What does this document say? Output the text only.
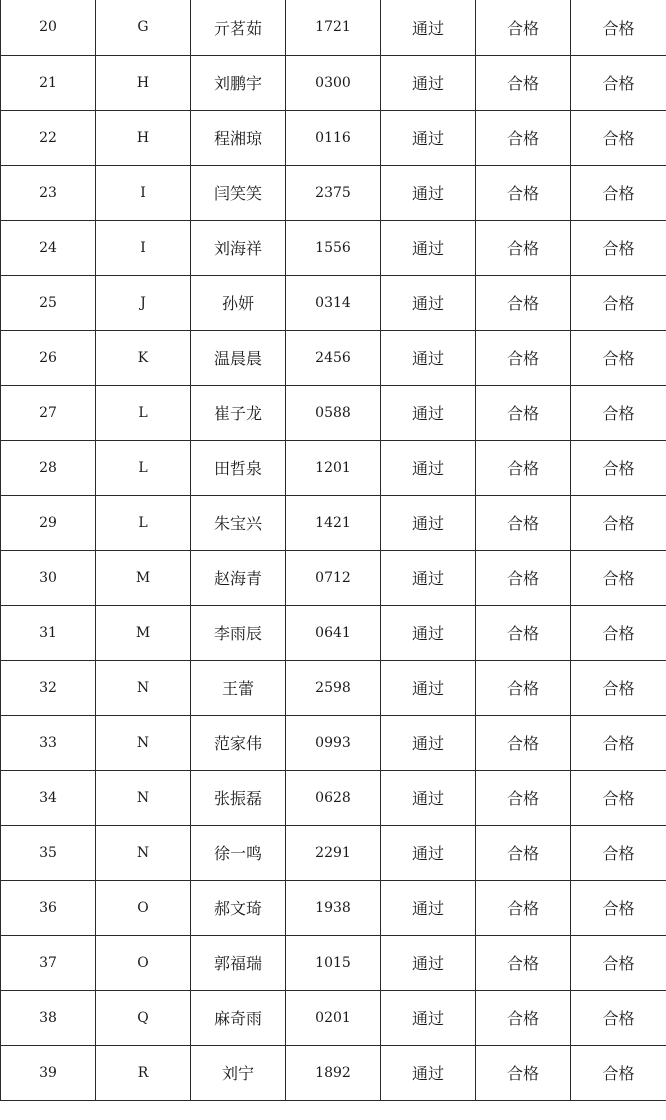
20	G	亓茗茹	1721	通过	合格	合格
21	H	刘鹏宇	0300	通过	合格	合格
22	H	程湘琼	0116	通过	合格	合格
23	I	闫笑笑	2375	通过	合格	合格
24	I	刘海祥	1556	通过	合格	合格
25	J	孙妍	0314	通过	合格	合格
26	K	温晨晨	2456	通过	合格	合格
27	L	崔子龙	0588	通过	合格	合格
28	L	田哲泉	1201	通过	合格	合格
29	L	朱宝兴	1421	通过	合格	合格
30	M	赵海青	0712	通过	合格	合格
31	M	李雨辰	0641	通过	合格	合格
32	N	王蕾	2598	通过	合格	合格
33	N	范家伟	0993	通过	合格	合格
34	N	张振磊	0628	通过	合格	合格
35	N	徐一鸣	2291	通过	合格	合格
36	O	郝文琦	1938	通过	合格	合格
37	O	郭福瑞	1015	通过	合格	合格
38	Q	麻奇雨	0201	通过	合格	合格
39	R	刘宁	1892	通过	合格	合格
